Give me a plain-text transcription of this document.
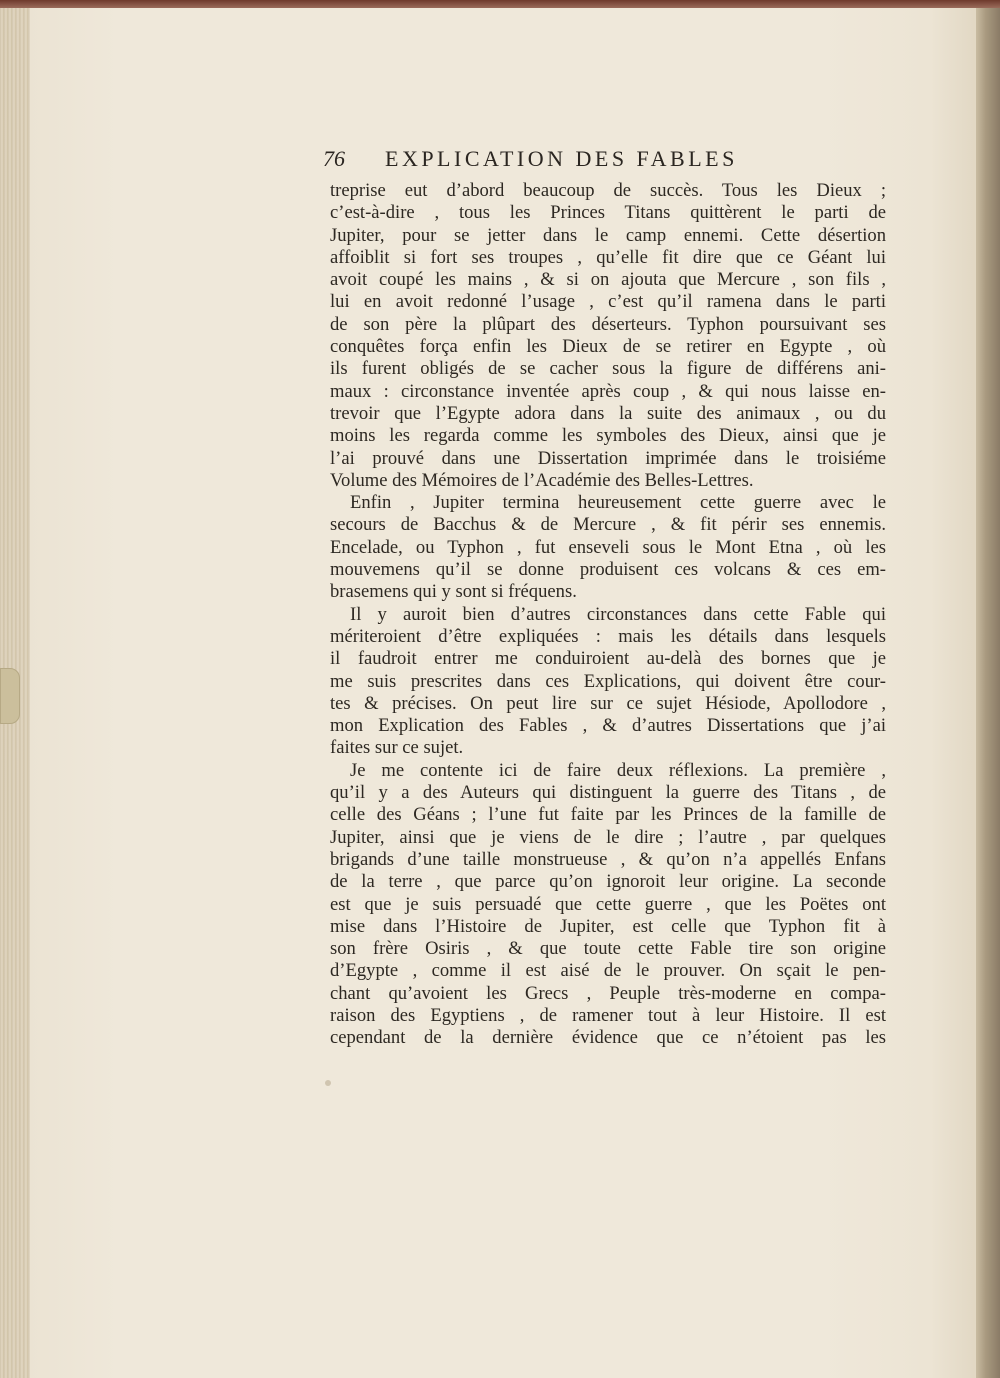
76 EXPLICATION DES FABLES
treprise eut d’abord beaucoup de succès. Tous les Dieux ;
c’est-à-dire , tous les Princes Titans quittèrent le parti de
Jupiter, pour se jetter dans le camp ennemi. Cette désertion
affoiblit si fort ses troupes , qu’elle fit dire que ce Géant lui
avoit coupé les mains , & si on ajouta que Mercure , son fils ,
lui en avoit redonné l’usage , c’est qu’il ramena dans le parti
de son père la plûpart des déserteurs. Typhon poursuivant ses
conquêtes força enfin les Dieux de se retirer en Egypte , où
ils furent obligés de se cacher sous la figure de différens ani-
maux : circonstance inventée après coup , & qui nous laisse en-
trevoir que l’Egypte adora dans la suite des animaux , ou du
moins les regarda comme les symboles des Dieux, ainsi que je
l’ai prouvé dans une Dissertation imprimée dans le troisiéme
Volume des Mémoires de l’Académie des Belles-Lettres.
Enfin , Jupiter termina heureusement cette guerre avec le
secours de Bacchus & de Mercure , & fit périr ses ennemis.
Encelade, ou Typhon , fut enseveli sous le Mont Etna , où les
mouvemens qu’il se donne produisent ces volcans & ces em-
brasemens qui y sont si fréquens.
Il y auroit bien d’autres circonstances dans cette Fable qui
mériteroient d’être expliquées : mais les détails dans lesquels
il faudroit entrer me conduiroient au-delà des bornes que je
me suis prescrites dans ces Explications, qui doivent être cour-
tes & précises. On peut lire sur ce sujet Hésiode, Apollodore ,
mon Explication des Fables , & d’autres Dissertations que j’ai
faites sur ce sujet.
Je me contente ici de faire deux réflexions. La première ,
qu’il y a des Auteurs qui distinguent la guerre des Titans , de
celle des Géans ; l’une fut faite par les Princes de la famille de
Jupiter, ainsi que je viens de le dire ; l’autre , par quelques
brigands d’une taille monstrueuse , & qu’on n’a appellés Enfans
de la terre , que parce qu’on ignoroit leur origine. La seconde
est que je suis persuadé que cette guerre , que les Poëtes ont
mise dans l’Histoire de Jupiter, est celle que Typhon fit à
son frère Osiris , & que toute cette Fable tire son origine
d’Egypte , comme il est aisé de le prouver. On sçait le pen-
chant qu’avoient les Grecs , Peuple très-moderne en compa-
raison des Egyptiens , de ramener tout à leur Histoire. Il est
cependant de la dernière évidence que ce n’étoient pas les
